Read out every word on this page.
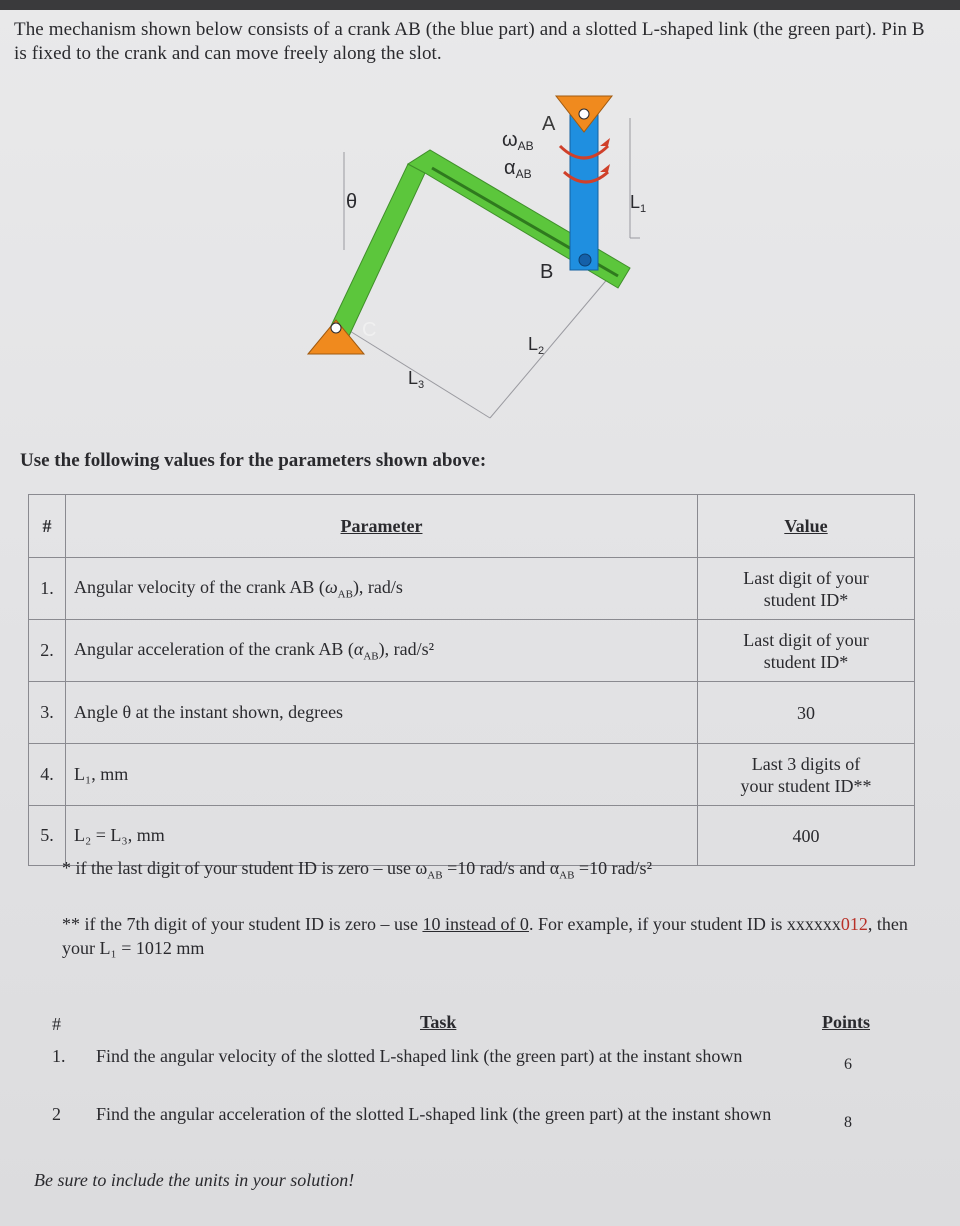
The mechanism shown below consists of a crank AB (the blue part) and a slotted L-shaped link (the green part). Pin B is fixed to the crank and can move freely along the slot.
A
B
C
θ
$\omega_{AB}$
$\alpha_{AB}$
$L_1$
$L_2$
$L_3$
Use the following values for the parameters shown above:
#	Parameter	Value
1.	Angular velocity of the crank AB $(\omega_{AB})$, rad/s	Last digit of your
student ID*
2.	Angular acceleration of the crank AB $(\alpha_{AB})$, rad/s²	Last digit of your
student ID*
3.	Angle θ at the instant shown, degrees	30
4.	L₁, mm	Last 3 digits of
your student ID**
5.	L₂ = L₃, mm	400
* if the last digit of your student ID is zero – use $\omega_{AB} =10$ rad/s and $\alpha_{AB} =10$ rad/s²
** if the 7th digit of your student ID is zero – use 10 instead of 0. For example, if your student ID is xxxxxx012, then your L₁ = 1012 mm
#	Task	Points
1. Find the angular velocity of the slotted L-shaped link (the green part) at the instant shown	6
2 Find the angular acceleration of the slotted L-shaped link (the green part) at the instant shown	8
Be sure to include the units in your solution!
